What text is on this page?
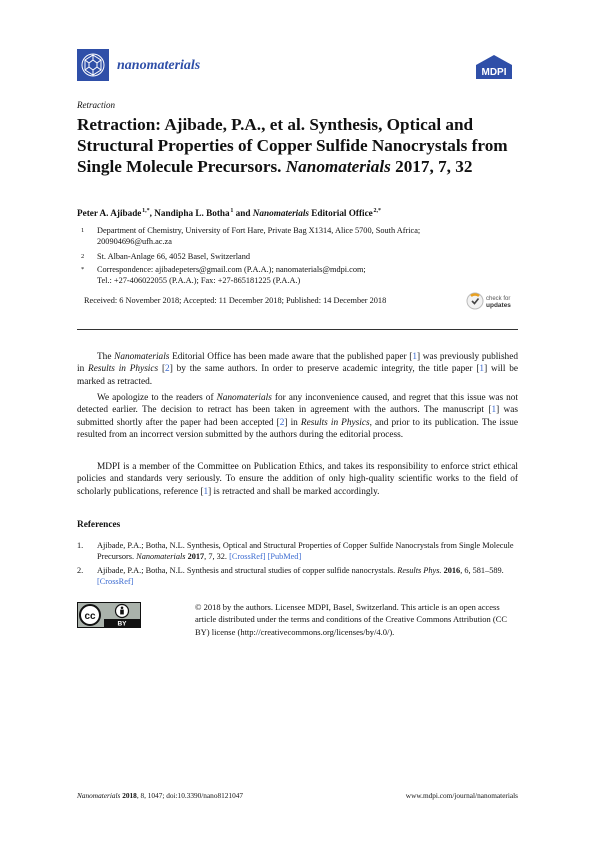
nanomaterials	MDPI
Retraction
Retraction: Ajibade, P.A., et al. Synthesis, Optical and Structural Properties of Copper Sulfide Nanocrystals from Single Molecule Precursors. Nanomaterials 2017, 7, 32
Peter A. Ajibade $^{1,*}$, Nandipha L. Botha $^1$ and Nanomaterials Editorial Office $^{2,*}$
1 Department of Chemistry, University of Fort Hare, Private Bag X1314, Alice 5700, South Africa;
200904696@ufh.ac.za
2 St. Alban-Anlage 66, 4052 Basel, Switzerland
* Correspondence: ajibadepeters@gmail.com (P.A.A.); nanomaterials@mdpi.com;
Tel.: +27-406022055 (P.A.A.); Fax: +27-865181225 (P.A.A.)
Received: 6 November 2018; Accepted: 11 December 2018; Published: 14 December 2018	check for
updates

The Nanomaterials Editorial Office has been made aware that the published paper [1] was previously published in Results in Physics [2] by the same authors. In order to preserve academic integrity, the title paper [1] will be marked as retracted.

We apologize to the readers of Nanomaterials for any inconvenience caused, and regret that this issue was not detected earlier. The decision to retract has been taken in agreement with the authors. The manuscript [1] was submitted shortly after the paper had been accepted [2] in Results in Physics, and prior to its publication. The issue resulted from an incorrect version submitted by the authors during the editorial process.

MDPI is a member of the Committee on Publication Ethics, and takes its responsibility to enforce strict ethical policies and standards very seriously. To ensure the addition of only high-quality scientific works to the field of scholarly publications, reference [1] is retracted and shall be marked accordingly.

References
1. Ajibade, P.A.; Botha, N.L. Synthesis, Optical and Structural Properties of Copper Sulfide Nanocrystals from Single Molecule Precursors. Nanomaterials 2017, 7, 32. [CrossRef] [PubMed]
2. Ajibade, P.A.; Botha, N.L. Synthesis and structural studies of copper sulfide nanocrystals. Results Phys. 2016, 6, 581–589. [CrossRef]
cc
BY
© 2018 by the authors. Licensee MDPI, Basel, Switzerland. This article is an open access article distributed under the terms and conditions of the Creative Commons Attribution (CC BY) license (http://creativecommons.org/licenses/by/4.0/).
Nanomaterials 2018, 8, 1047; doi:10.3390/nano8121047	www.mdpi.com/journal/nanomaterials
